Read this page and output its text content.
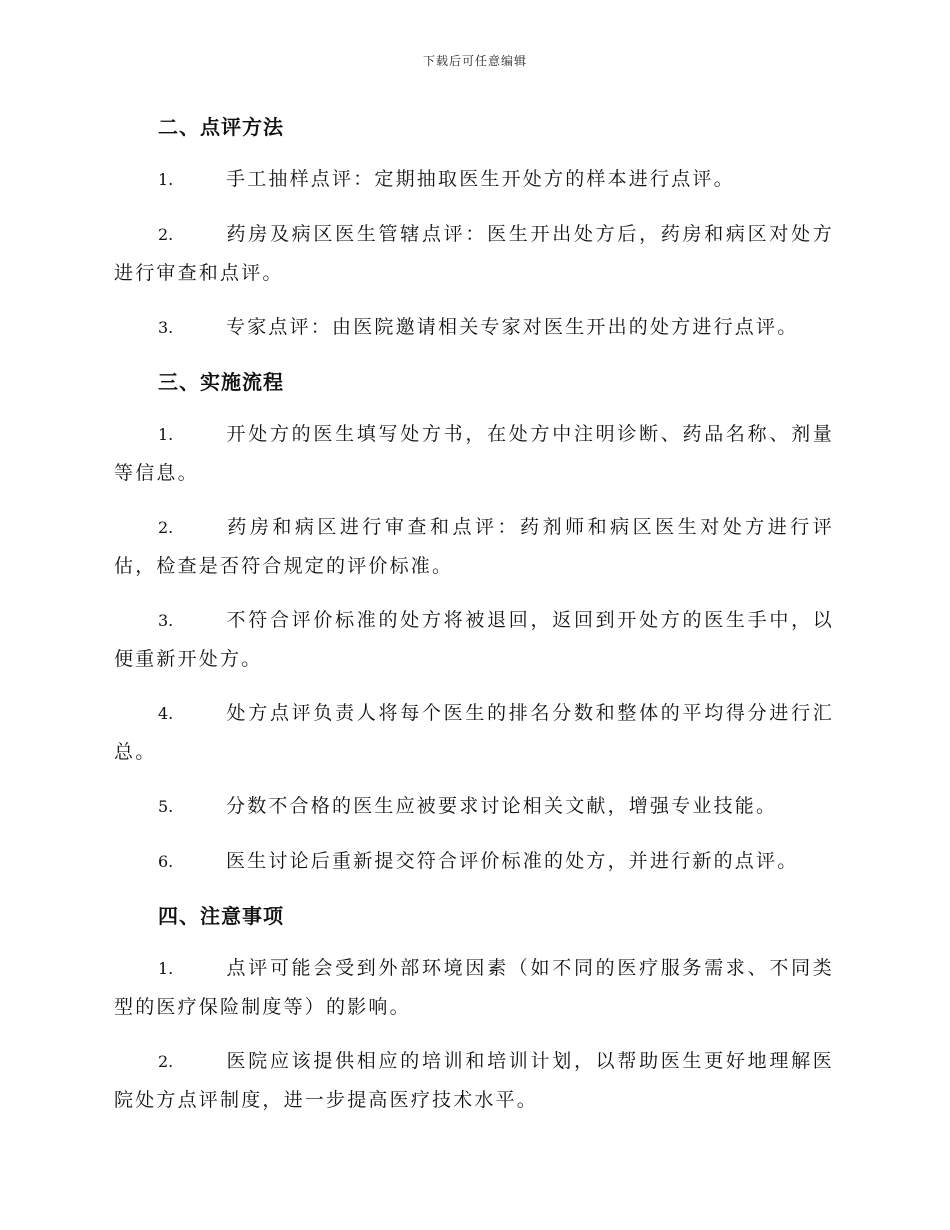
下载后可任意编辑
二、点评方法
1.	手工抽样点评：定期抽取医生开处方的样本进行点评。
2.	药房及病区医生管辖点评：医生开出处方后，药房和病区对处方进行审查和点评。
3.	专家点评：由医院邀请相关专家对医生开出的处方进行点评。
三、实施流程
1.	开处方的医生填写处方书，在处方中注明诊断、药品名称、剂量等信息。
2.	药房和病区进行审查和点评：药剂师和病区医生对处方进行评估，检查是否符合规定的评价标准。
3.	不符合评价标准的处方将被退回，返回到开处方的医生手中，以便重新开处方。
4.	处方点评负责人将每个医生的排名分数和整体的平均得分进行汇总。
5.	分数不合格的医生应被要求讨论相关文献，增强专业技能。
6.	医生讨论后重新提交符合评价标准的处方，并进行新的点评。
四、注意事项
1.	点评可能会受到外部环境因素（如不同的医疗服务需求、不同类型的医疗保险制度等）的影响。
2.	医院应该提供相应的培训和培训计划，以帮助医生更好地理解医院处方点评制度，进一步提高医疗技术水平。
